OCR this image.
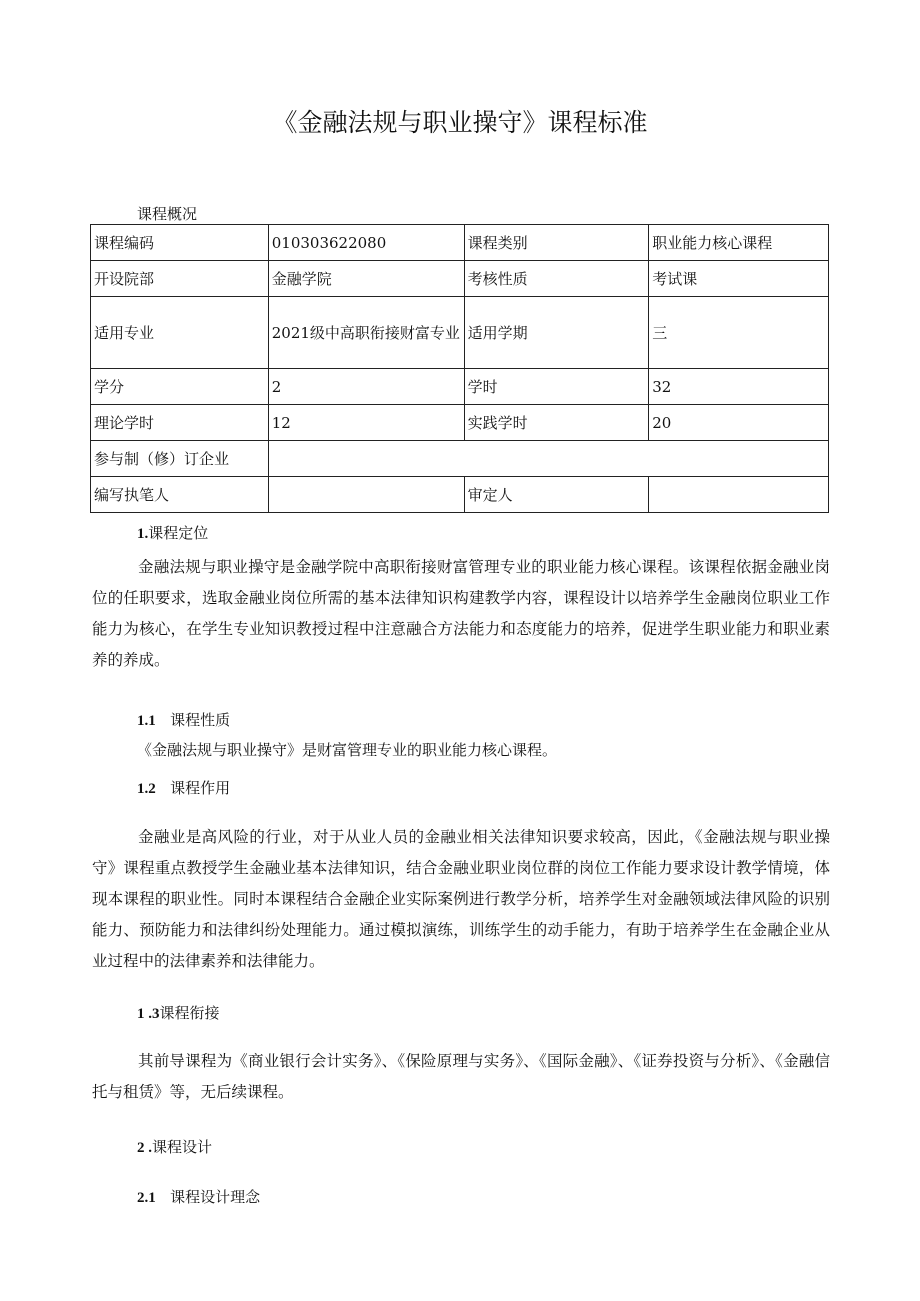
《金融法规与职业操守》课程标准
课程概况
课程编码	010303622080	课程类别	职业能力核心课程
开设院部	金融学院	考核性质	考试课
适用专业	2021级中高职衔接财富专业	适用学期	三
学分	2	学时	32
理论学时	12	实践学时	20
参与制（修）订企业			
编写执笔人		审定人	
1.课程定位

金融法规与职业操守是金融学院中高职衔接财富管理专业的职业能力核心课程。该课程依据金融业岗位的任职要求，选取金融业岗位所需的基本法律知识构建教学内容，课程设计以培养学生金融岗位职业工作能力为核心，在学生专业知识教授过程中注意融合方法能力和态度能力的培养，促进学生职业能力和职业素养的养成。

1.1 课程性质

《金融法规与职业操守》是财富管理专业的职业能力核心课程。

1.2 课程作用

金融业是高风险的行业，对于从业人员的金融业相关法律知识要求较高，因此，《金融法规与职业操守》课程重点教授学生金融业基本法律知识，结合金融业职业岗位群的岗位工作能力要求设计教学情境，体现本课程的职业性。同时本课程结合金融企业实际案例进行教学分析，培养学生对金融领域法律风险的识别能力、预防能力和法律纠纷处理能力。通过模拟演练，训练学生的动手能力，有助于培养学生在金融企业从业过程中的法律素养和法律能力。

1 .3课程衔接

其前导课程为《商业银行会计实务》、《保险原理与实务》、《国际金融》、《证券投资与分析》、《金融信托与租赁》等，无后续课程。

2 .课程设计
2.1 课程设计理念
